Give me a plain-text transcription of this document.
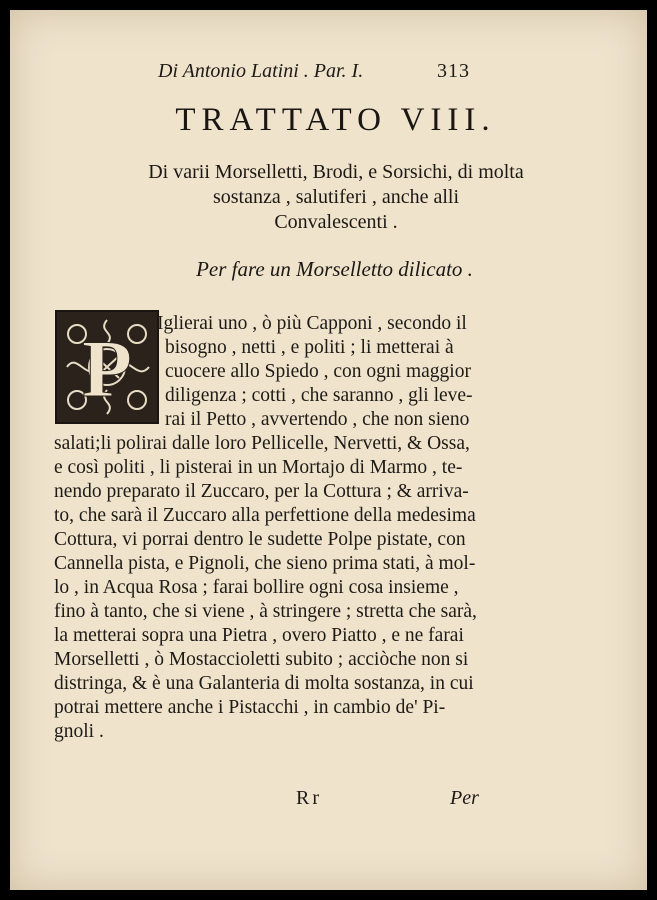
Di Antonio Latini . Par. I.	313
TRATTATO VIII.
Di varii Morselletti, Brodi, e Sorsichi, di molta
sostanza , salutiferi , anche alli
Convalescenti .
Per fare un Morselletto dilicato .
P Iglierai uno , ò più Capponi , secondo il
bisogno , netti , e politi ; li metterai à
cuocere allo Spiedo , con ogni maggior
diligenza ; cotti , che saranno , gli leve-
rai il Petto , avvertendo , che non sieno
salati;li polirai dalle loro Pellicelle, Nervetti, & Ossa,
e così politi , li pisterai in un Mortajo di Marmo , te-
nendo preparato il Zuccaro, per la Cottura ; & arriva-
to, che sarà il Zuccaro alla perfettione della medesima
Cottura, vi porrai dentro le sudette Polpe pistate, con
Cannella pista, e Pignoli, che sieno prima stati, à mol-
lo , in Acqua Rosa ; farai bollire ogni cosa insieme ,
fino à tanto, che si viene , à stringere ; stretta che sarà,
la metterai sopra una Pietra , overo Piatto , e ne farai
Morselletti , ò Mostaccioletti subito ; acciòche non si
distringa, & è una Galanteria di molta sostanza, in cui
potrai mettere anche i Pistacchi , in cambio de' Pi-
gnoli .
Rr	Per
